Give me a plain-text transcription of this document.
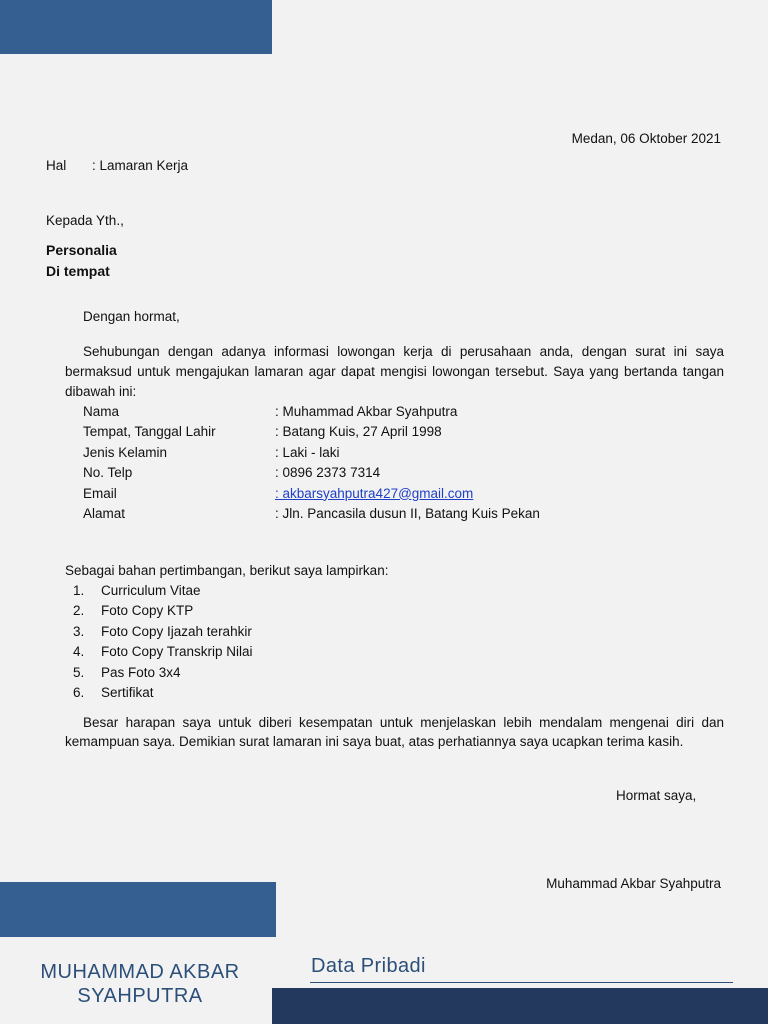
Medan, 06 Oktober 2021
Hal : Lamaran Kerja
Kepada Yth.,
Personalia
Di tempat
Dengan hormat,
Sehubungan dengan adanya informasi lowongan kerja di perusahaan anda, dengan surat ini saya bermaksud untuk mengajukan lamaran agar dapat mengisi lowongan tersebut. Saya yang bertanda tangan dibawah ini:
Nama	: Muhammad Akbar Syahputra
Tempat, Tanggal Lahir	: Batang Kuis, 27 April 1998
Jenis Kelamin	: Laki - laki
No. Telp	: 0896 2373 7314
Email	: akbarsyahputra427@gmail.com
Alamat	: Jln. Pancasila dusun II, Batang Kuis Pekan
Sebagai bahan pertimbangan, berikut saya lampirkan:
1.	Curriculum Vitae
2.	Foto Copy KTP
3.	Foto Copy Ijazah terahkir
4.	Foto Copy Transkrip Nilai
5.	Pas Foto 3x4
6.	Sertifikat
Besar harapan saya untuk diberi kesempatan untuk menjelaskan lebih mendalam mengenai diri dan kemampuan saya. Demikian surat lamaran ini saya buat, atas perhatiannya saya ucapkan terima kasih.
Hormat saya,
Muhammad Akbar Syahputra
MUHAMMAD AKBAR
SYAHPUTRA
Data Pribadi
